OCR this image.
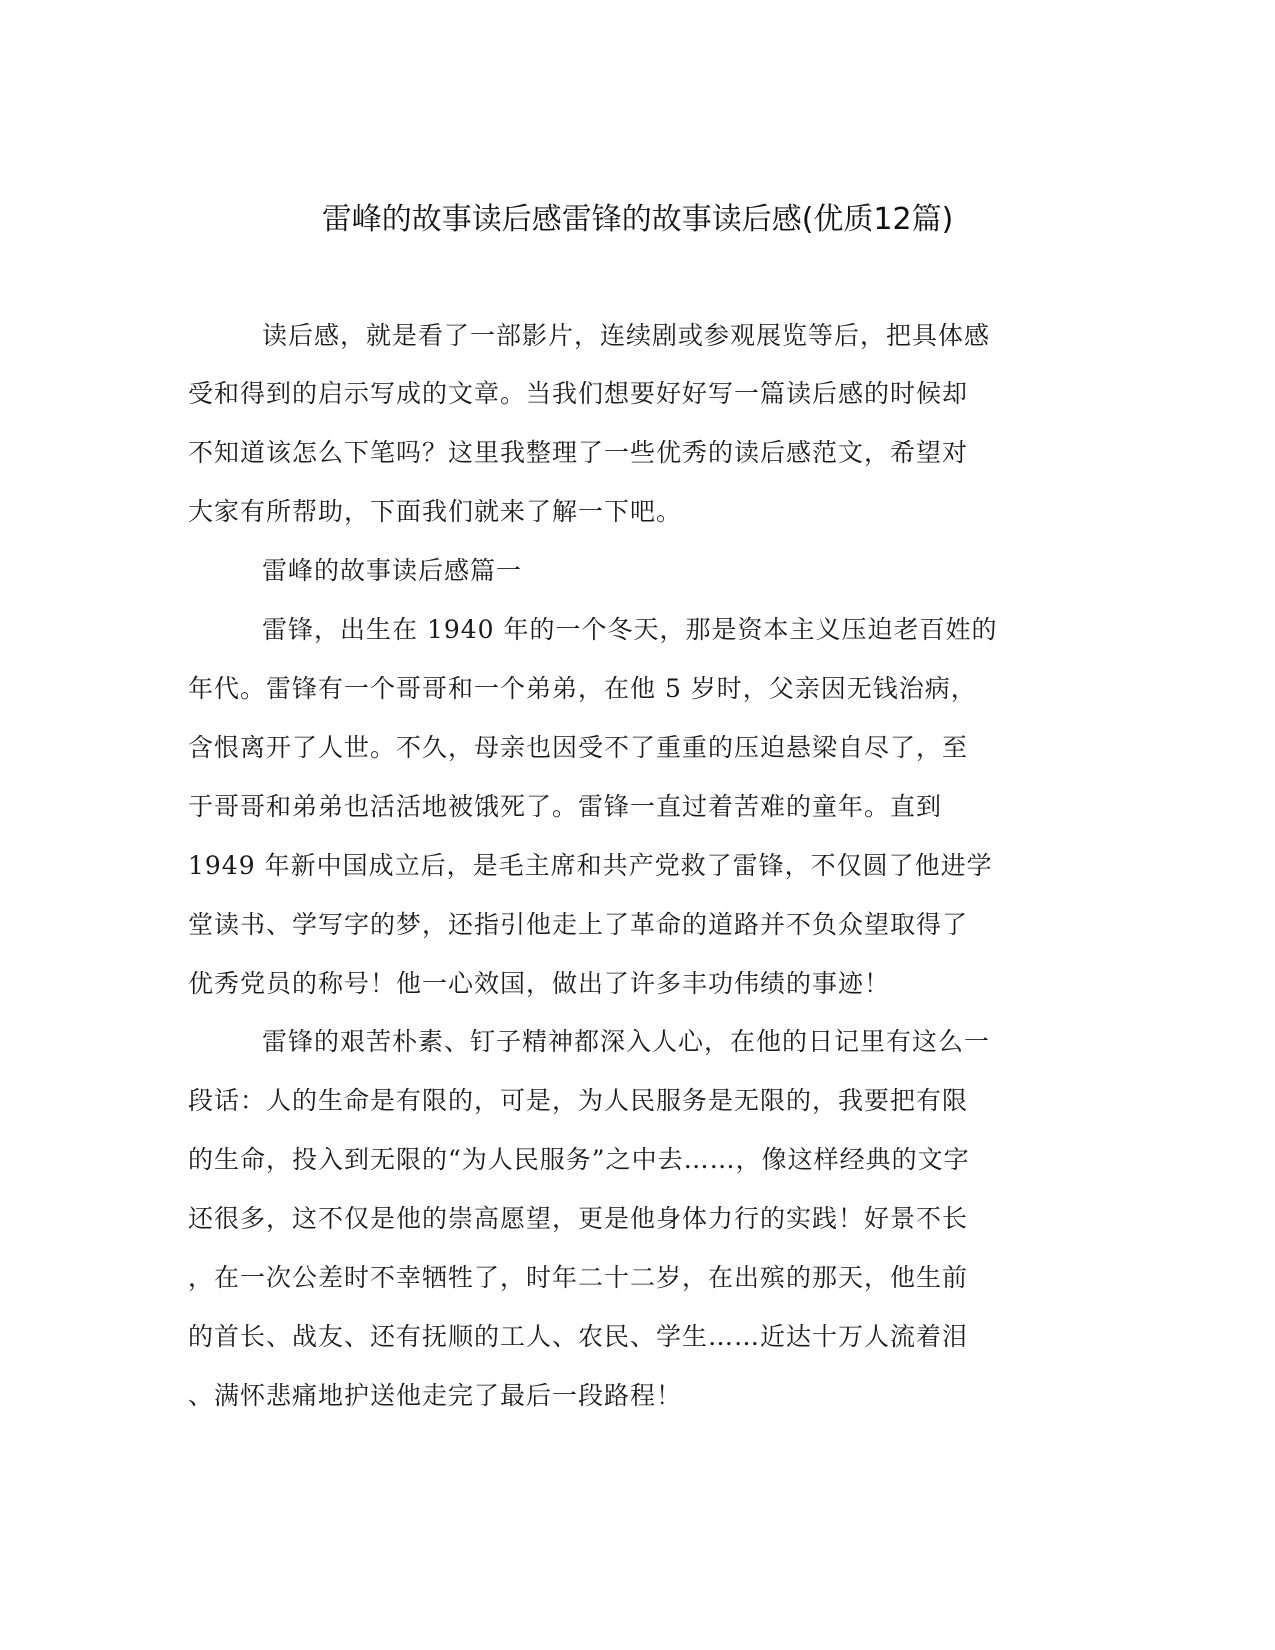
雷峰的故事读后感雷锋的故事读后感(优质12篇)
读后感，就是看了一部影片，连续剧或参观展览等后，把具体感
受和得到的启示写成的文章。当我们想要好好写一篇读后感的时候却
不知道该怎么下笔吗？这里我整理了一些优秀的读后感范文，希望对
大家有所帮助，下面我们就来了解一下吧。
雷峰的故事读后感篇一
雷锋，出生在 1940 年的一个冬天，那是资本主义压迫老百姓的
年代。雷锋有一个哥哥和一个弟弟，在他 5 岁时，父亲因无钱治病，
含恨离开了人世。不久，母亲也因受不了重重的压迫悬梁自尽了，至
于哥哥和弟弟也活活地被饿死了。雷锋一直过着苦难的童年。直到
1949 年新中国成立后，是毛主席和共产党救了雷锋，不仅圆了他进学
堂读书、学写字的梦，还指引他走上了革命的道路并不负众望取得了
优秀党员的称号！他一心效国，做出了许多丰功伟绩的事迹！
雷锋的艰苦朴素、钉子精神都深入人心，在他的日记里有这么一
段话：人的生命是有限的，可是，为人民服务是无限的，我要把有限
的生命，投入到无限的“为人民服务”之中去……，像这样经典的文字
还很多，这不仅是他的崇高愿望，更是他身体力行的实践！好景不长
，在一次公差时不幸牺牲了，时年二十二岁，在出殡的那天，他生前
的首长、战友、还有抚顺的工人、农民、学生……近达十万人流着泪
、满怀悲痛地护送他走完了最后一段路程！
